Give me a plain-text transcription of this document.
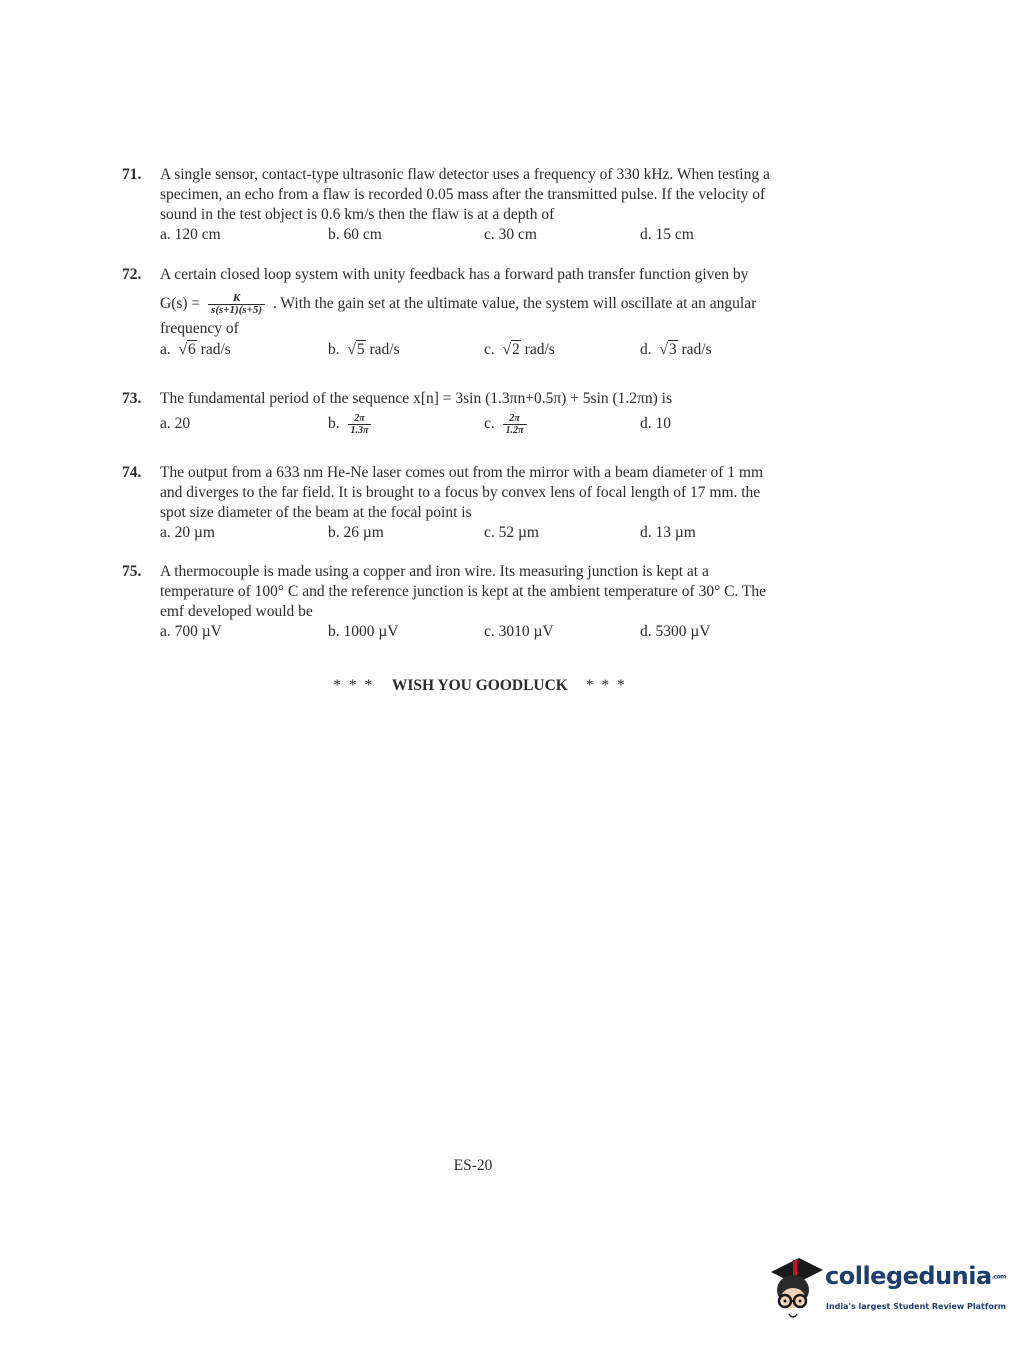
71. A single sensor, contact-type ultrasonic flaw detector uses a frequency of 330 kHz. When testing a
specimen, an echo from a flaw is recorded 0.05 mass after the transmitted pulse. If the velocity of
sound in the test object is 0.6 km/s then the flaw is at a depth of
a. 120 cm	b. 60 cm	c. 30 cm	d. 15 cm
72. A certain closed loop system with unity feedback has a forward path transfer function given by
$G(s) = \frac{K}{s(s+1)(s+5)}$ . With the gain set at the ultimate value, the system will oscillate at an angular
frequency of
a. √6 rad/s	b. √5 rad/s	c. √2 rad/s	d. √3 rad/s
73. The fundamental period of the sequence x[n] = 3sin (1.3πn+0.5π) + 5sin (1.2πn) is
a. 20	b. $\frac{2\pi}{1.3\pi}$	c. $\frac{2\pi}{1.2\pi}$	d. 10
74. The output from a 633 nm He-Ne laser comes out from the mirror with a beam diameter of 1 mm
and diverges to the far field. It is brought to a focus by convex lens of focal length of 17 mm. the
spot size diameter of the beam at the focal point is
a. 20 µm	b. 26 µm	c. 52 µm	d. 13 µm
75. A thermocouple is made using a copper and iron wire. Its measuring junction is kept at a
temperature of 100° C and the reference junction is kept at the ambient temperature of 30° C. The
emf developed would be
a. 700 µV	b. 1000 µV	c. 3010 µV	d. 5300 µV
* * * WISH YOU GOODLUCK * * *
ES-20
collegedunia.com
India's largest Student Review Platform
